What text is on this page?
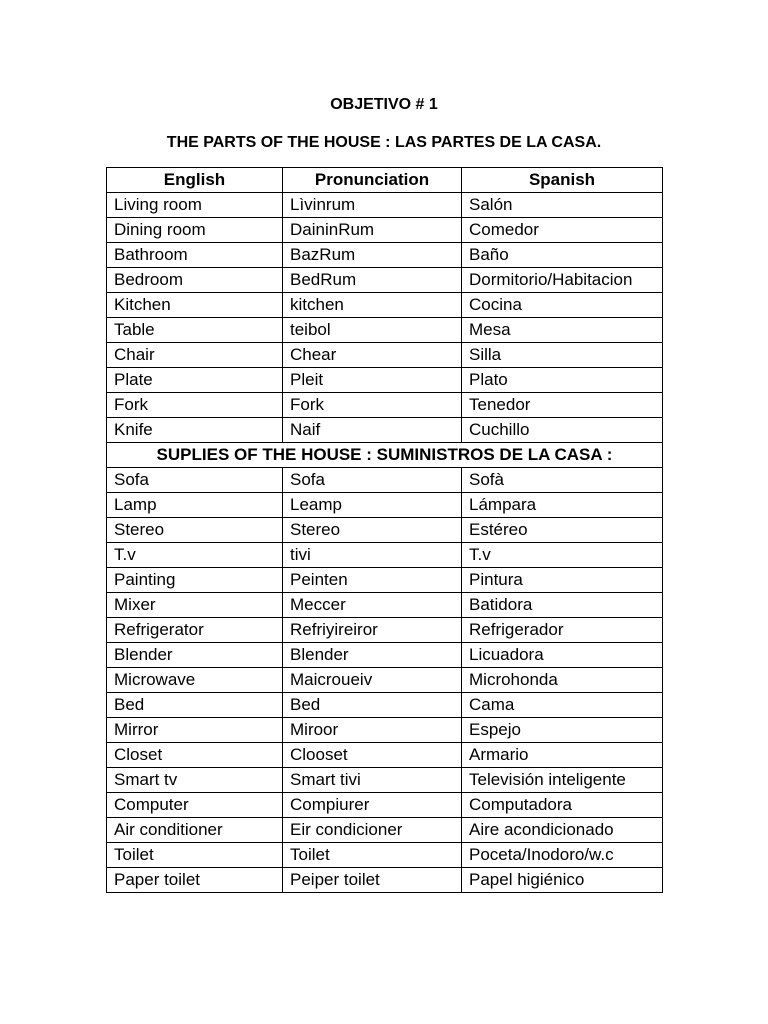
OBJETIVO # 1
THE PARTS OF THE HOUSE : LAS PARTES DE LA CASA.
English	Pronunciation	Spanish
Living room	Lìvinrum	Salón
Dining room	DaininRum	Comedor
Bathroom	BazRum	Baño
Bedroom	BedRum	Dormitorio/Habitacion
Kitchen	kitchen	Cocina
Table	teibol	Mesa
Chair	Chear	Silla
Plate	Pleit	Plato
Fork	Fork	Tenedor
Knife	Naif	Cuchillo
SUPLIES OF THE HOUSE : SUMINISTROS DE LA CASA :		
Sofa	Sofa	Sofà
Lamp	Leamp	Lámpara
Stereo	Stereo	Estéreo
T.v	tivi	T.v
Painting	Peinten	Pintura
Mixer	Meccer	Batidora
Refrigerator	Refriyireiror	Refrigerador
Blender	Blender	Licuadora
Microwave	Maicroueiv	Microhonda
Bed	Bed	Cama
Mirror	Miroor	Espejo
Closet	Clooset	Armario
Smart tv	Smart tivi	Televisión inteligente
Computer	Compiurer	Computadora
Air conditioner	Eir condicioner	Aire acondicionado
Toilet	Toilet	Poceta/Inodoro/w.c
Paper toilet	Peiper toilet	Papel higiénico
